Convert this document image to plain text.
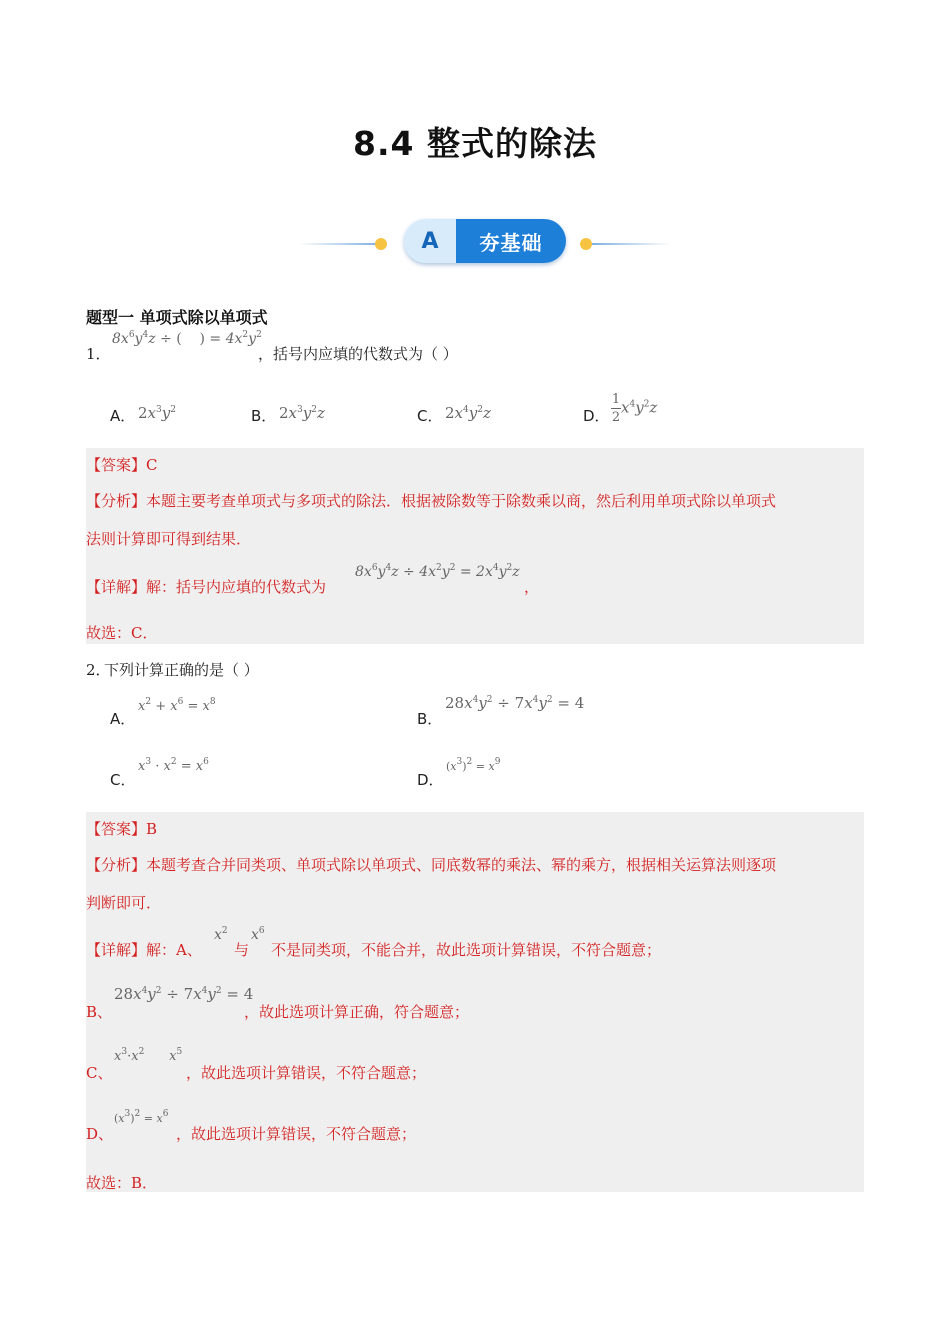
8.4 整式的除法
A	夯基础
题型一 单项式除以单项式
1．
$8x^6y^4z$ ÷ ( ) = $4x^2y^2$
，括号内应填的代数式为（ ）
A． $2x^3y^2$	B． $2x^3y^2z$	C． $2x^4y^2z$	D． $\frac{1}{2} x^4y^2z$
【答案】C
【分析】本题主要考查单项式与多项式的除法．根据被除数等于除数乘以商，然后利用单项式除以单项式
法则计算即可得到结果．
【详解】解：括号内应填的代数式为
$8x^6y^4z \div 4x^2y^2 = 2x^4y^2z$
，
故选：C．
2．
下列计算正确的是（ ）
A．
$x^2 + x^6 = x^8$
B．
$28x^4y^2 \div 7x^4y^2 = 4$
C．
$x^3 \cdot x^2 = x^6$
D．
$(x^3)^2 = x^9$
【答案】B
【分析】本题考查合并同类项、单项式除以单项式、同底数幂的乘法、幂的乘方，根据相关运算法则逐项
判断即可．
【详解】解：A、
$x^2$
与
$x^6$
不是同类项，不能合并，故此选项计算错误，不符合题意；
B、
$28x^4y^2 \div 7x^4y^2 = 4$
，故此选项计算正确，符合题意；
C、
$x^3\cdot x^2$      $x^5$
，故此选项计算错误，不符合题意；
D、
$(x^3)^2 = x^6$
，故此选项计算错误，不符合题意；
故选：B．
